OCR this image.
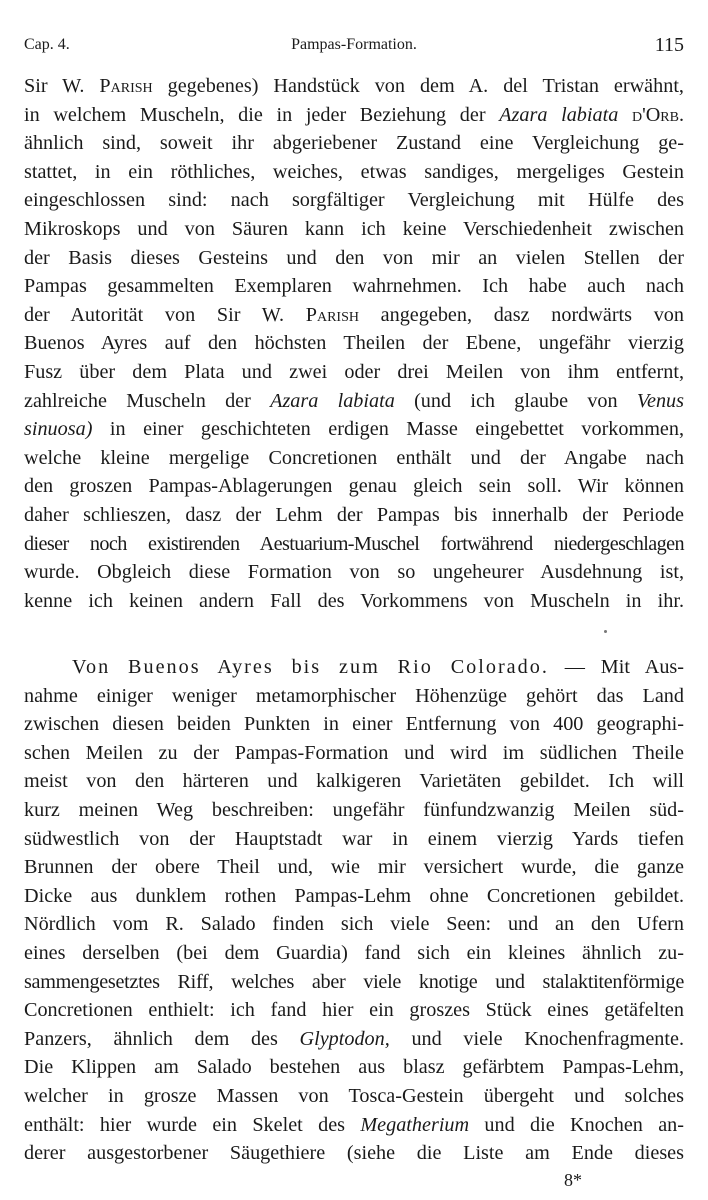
Cap. 4.	Pampas-Formation.	115
Sir W. Parish gegebenes) Handstück von dem A. del Tristan erwähnt,
in welchem Muscheln, die in jeder Beziehung der Azara labiata d'Orb.
ähnlich sind, soweit ihr abgeriebener Zustand eine Vergleichung ge-
stattet, in ein röthliches, weiches, etwas sandiges, mergeliges Gestein
eingeschlossen sind: nach sorgfältiger Vergleichung mit Hülfe des
Mikroskops und von Säuren kann ich keine Verschiedenheit zwischen
der Basis dieses Gesteins und den von mir an vielen Stellen der
Pampas gesammelten Exemplaren wahrnehmen. Ich habe auch nach
der Autorität von Sir W. Parish angegeben, dasz nordwärts von
Buenos Ayres auf den höchsten Theilen der Ebene, ungefähr vierzig
Fusz über dem Plata und zwei oder drei Meilen von ihm entfernt,
zahlreiche Muscheln der Azara labiata (und ich glaube von Venus
sinuosa) in einer geschichteten erdigen Masse eingebettet vorkommen,
welche kleine mergelige Concretionen enthält und der Angabe nach
den groszen Pampas-Ablagerungen genau gleich sein soll. Wir können
daher schlieszen, dasz der Lehm der Pampas bis innerhalb der Periode
dieser noch existirenden Aestuarium-Muschel fortwährend niedergeschlagen
wurde. Obgleich diese Formation von so ungeheurer Ausdehnung ist,
kenne ich keinen andern Fall des Vorkommens von Muscheln in ihr.
Von Buenos Ayres bis zum Rio Colorado. — Mit Aus-
nahme einiger weniger metamorphischer Höhenzüge gehört das Land
zwischen diesen beiden Punkten in einer Entfernung von 400 geographi-
schen Meilen zu der Pampas-Formation und wird im südlichen Theile
meist von den härteren und kalkigeren Varietäten gebildet. Ich will
kurz meinen Weg beschreiben: ungefähr fünfundzwanzig Meilen süd-
südwestlich von der Hauptstadt war in einem vierzig Yards tiefen
Brunnen der obere Theil und, wie mir versichert wurde, die ganze
Dicke aus dunklem rothen Pampas-Lehm ohne Concretionen gebildet.
Nördlich vom R. Salado finden sich viele Seen: und an den Ufern
eines derselben (bei dem Guardia) fand sich ein kleines ähnlich zu-
sammengesetztes Riff, welches aber viele knotige und stalaktitenförmige
Concretionen enthielt: ich fand hier ein groszes Stück eines getäfelten
Panzers, ähnlich dem des Glyptodon, und viele Knochenfragmente.
Die Klippen am Salado bestehen aus blasz gefärbtem Pampas-Lehm,
welcher in grosze Massen von Tosca-Gestein übergeht und solches
enthält: hier wurde ein Skelet des Megatherium und die Knochen an-
derer ausgestorbener Säugethiere (siehe die Liste am Ende dieses
8*
